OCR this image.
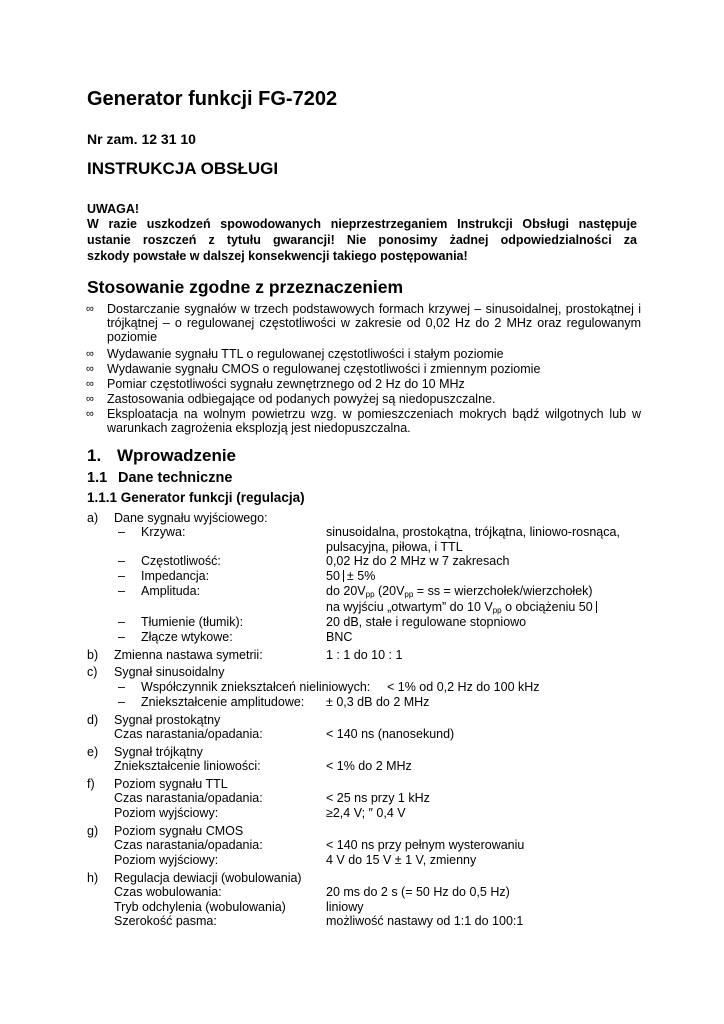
Generator funkcji FG-7202
Nr zam. 12 31 10
INSTRUKCJA OBSŁUGI
UWAGA!
W razie uszkodzeń spowodowanych nieprzestrzeganiem Instrukcji Obsługi następuje
ustanie roszczeń z tytułu gwarancji! Nie ponosimy żadnej odpowiedzialności za
szkody powstałe w dalszej konsekwencji takiego postępowania!
Stosowanie zgodne z przeznaczeniem
∞ Dostarczanie sygnałów w trzech podstawowych formach krzywej – sinusoidalnej, prostokątnej i trójkątnej – o regulowanej częstotliwości w zakresie od 0,02 Hz do 2 MHz oraz regulowanym poziomie
∞ Wydawanie sygnału TTL o regulowanej częstotliwości i stałym poziomie
∞ Wydawanie sygnału CMOS o regulowanej częstotliwości i zmiennym poziomie
∞ Pomiar częstotliwości sygnału zewnętrznego od 2 Hz do 10 MHz
∞ Zastosowania odbiegające od podanych powyżej są niedopuszczalne.
∞ Eksploatacja na wolnym powietrzu wzg. w pomieszczeniach mokrych bądź wilgotnych lub w warunkach zagrożenia eksplozją jest niedopuszczalna.
1. Wprowadzenie
1.1 Dane techniczne
1.1.1 Generator funkcji (regulacja)
a) Dane sygnału wyjściowego:
– Krzywa:	sinusoidalna, prostokątna, trójkątna, liniowo-rosnąca,
pulsacyjna, piłowa, i TTL
– Częstotliwość:	0,02 Hz do 2 MHz w 7 zakresach
– Impedancja:	50 ± 5%
– Amplituda:	do $20V_{pp}$ ($20V_{pp}$ = ss = wierzchołek/wierzchołek)
na wyjściu „otwartym” do 10 $V_{pp}$ o obciążeniu 50
– Tłumienie (tłumik):	20 dB, stałe i regulowane stopniowo
– Złącze wtykowe:	BNC
b) Zmienna nastawa symetrii:	1 : 1 do 10 : 1
c) Sygnał sinusoidalny
– Współczynnik zniekształceń nieliniowych: < 1% od 0,2 Hz do 100 kHz
– Zniekształcenie amplitudowe: ± 0,3 dB do 2 MHz
d) Sygnał prostokątny
Czas narastania/opadania:	< 140 ns (nanosekund)
e) Sygnał trójkątny
Zniekształcenie liniowości:	< 1% do 2 MHz
f) Poziom sygnału TTL
Czas narastania/opadania:	< 25 ns przy 1 kHz
Poziom wyjściowy:	≥2,4 V; ″ 0,4 V
g) Poziom sygnału CMOS
Czas narastania/opadania:	< 140 ns przy pełnym wysterowaniu
Poziom wyjściowy:	4 V do 15 V ± 1 V, zmienny
h) Regulacja dewiacji (wobulowania)
Czas wobulowania:	20 ms do 2 s (= 50 Hz do 0,5 Hz)
Tryb odchylenia (wobulowania)	liniowy
Szerokość pasma:	możliwość nastawy od 1:1 do 100:1
